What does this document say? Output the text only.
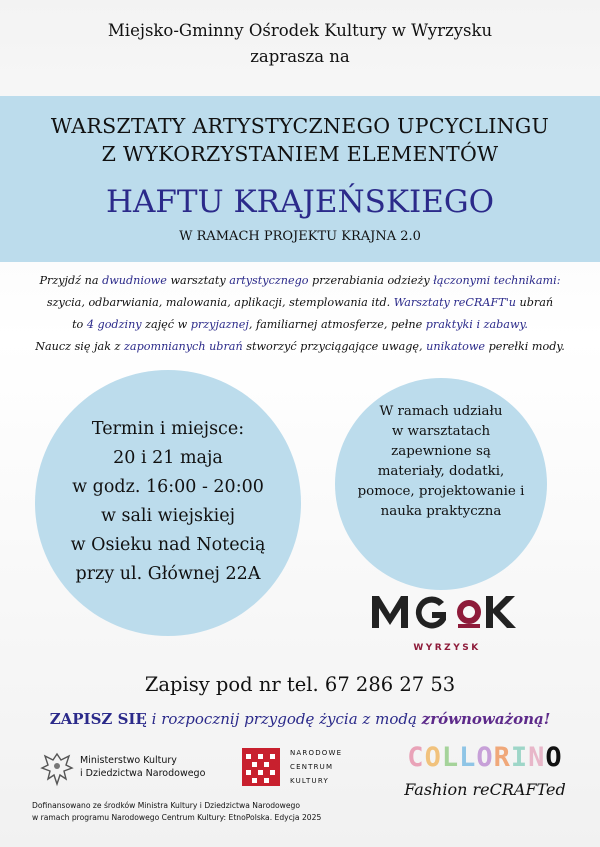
Miejsko-Gminny Ośrodek Kultury w Wyrzysku
zaprasza na
WARSZTATY ARTYSTYCZNEGO UPCYCLINGU
Z WYKORZYSTANIEM ELEMENTÓW
HAFTU KRAJEŃSKIEGO
W RAMACH PROJEKTU KRAJNA 2.0
Przyjdź na dwudniowe warsztaty artystycznego przerabiania odzieży łączonymi technikami:
szycia, odbarwiania, malowania, aplikacji, stemplowania itd. Warsztaty reCRAFT'u ubrań
to 4 godziny zajęć w przyjaznej, familiarnej atmosferze, pełne praktyki i zabawy.
Naucz się jak z zapomnianych ubrań stworzyć przyciągające uwagę, unikatowe perełki mody.
Termin i miejsce:
20 i 21 maja
w godz. 16:00 - 20:00
w sali wiejskiej
w Osieku nad Notecią
przy ul. Głównej 22A
W ramach udziału
w warsztatach
zapewnione są
materiały, dodatki,
pomoce, projektowanie i
nauka praktyczna
WYRZYSK
Zapisy pod nr tel. 67 286 27 53
ZAPISZ SIĘ i rozpocznij przygodę życia z modą zrównoważoną!
Ministerstwo Kultury
i Dziedzictwa Narodowego
NARODOWE
CENTRUM
KULTURY
COLLORINO
Fashion reCRAFTed
Dofinansowano ze środków Ministra Kultury i Dziedzictwa Narodowego
w ramach programu Narodowego Centrum Kultury: EtnoPolska. Edycja 2025
